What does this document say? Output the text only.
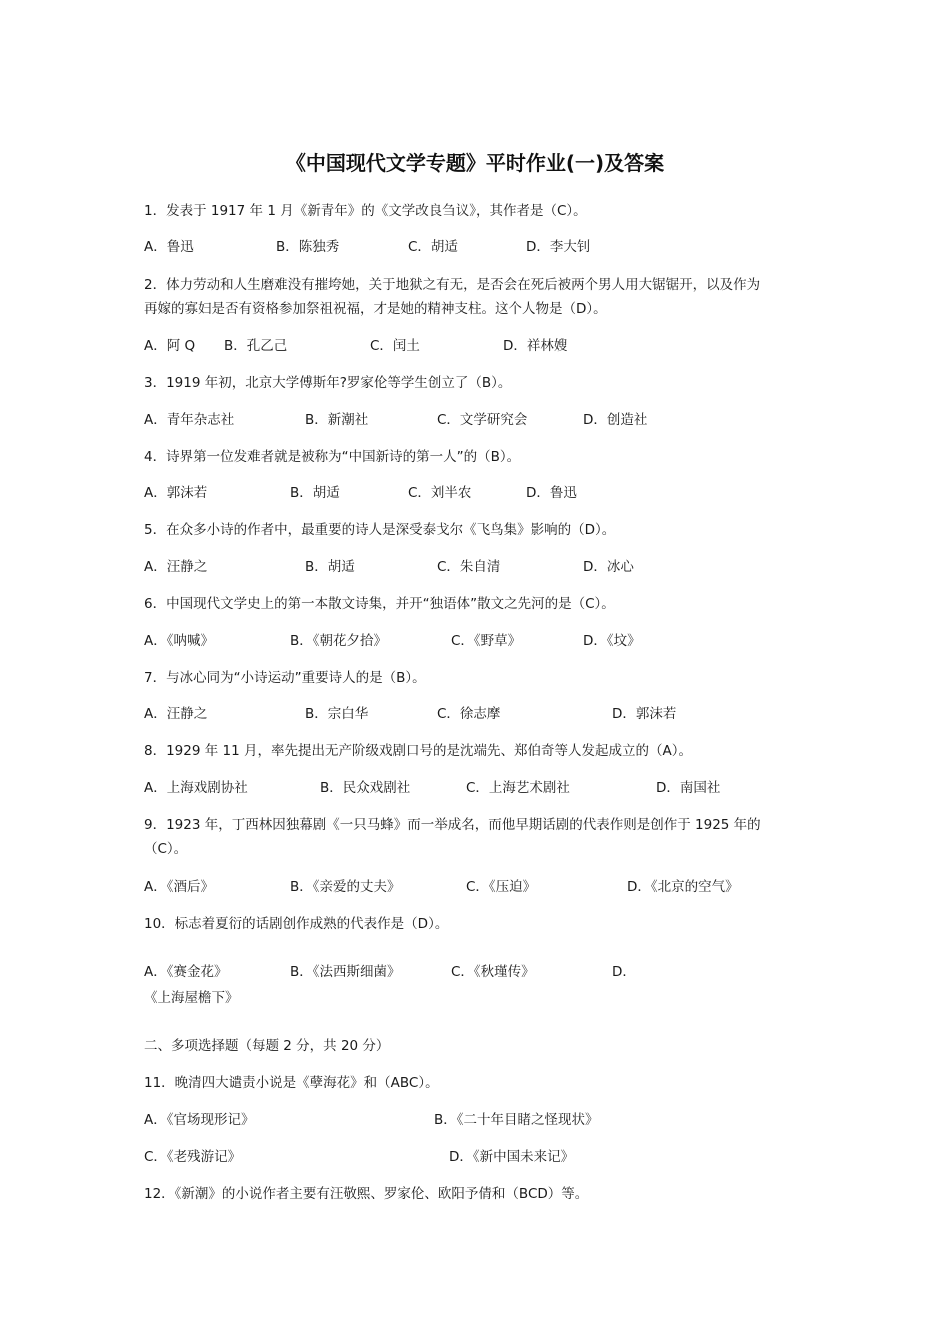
《中国现代文学专题》平时作业(一)及答案
1．发表于 1917 年 1 月《新青年》的《文学改良刍议》，其作者是（C）。
A．鲁迅	B．陈独秀	C．胡适	D．李大钊
2．体力劳动和人生磨难没有摧垮她，关于地狱之有无，是否会在死后被两个男人用大锯锯开，以及作为
再嫁的寡妇是否有资格参加祭祖祝福，才是她的精神支柱。这个人物是（D）。
A．阿 Q B．孔乙己	C．闰土	D．祥林嫂
3．1919 年初，北京大学傅斯年?罗家伦等学生创立了（B）。
A．青年杂志社	B．新潮社	C．文学研究会	D．创造社
4．诗界第一位发难者就是被称为“中国新诗的第一人”的（B）。
A．郭沫若	B．胡适	C．刘半农	D．鲁迅
5．在众多小诗的作者中，最重要的诗人是深受泰戈尔《飞鸟集》影响的（D）。
A．汪静之	B．胡适	C．朱自清	D．冰心
6．中国现代文学史上的第一本散文诗集，并开“独语体”散文之先河的是（C）。
A．《呐喊》	B．《朝花夕拾》	C．《野草》	D．《坟》
7．与冰心同为“小诗运动”重要诗人的是（B）。
A．汪静之	B．宗白华	C．徐志摩	D．郭沫若
8．1929 年 11 月，率先提出无产阶级戏剧口号的是沈端先、郑伯奇等人发起成立的（A）。
A．上海戏剧协社	B．民众戏剧社	C．上海艺术剧社	D．南国社
9．1923 年，丁西林因独幕剧《一只马蜂》而一举成名，而他早期话剧的代表作则是创作于 1925 年的
（C）。
A．《酒后》	B．《亲爱的丈夫》	C．《压迫》	D．《北京的空气》
10．标志着夏衍的话剧创作成熟的代表作是（D）。
A．《赛金花》	B．《法西斯细菌》	C．《秋瑾传》	D．
《上海屋檐下》
二、多项选择题（每题 2 分，共 20 分）
11．晚清四大谴责小说是《孽海花》和（ABC）。
A．《官场现形记》	B．《二十年目睹之怪现状》
C．《老残游记》	D．《新中国未来记》
12．《新潮》的小说作者主要有汪敬熙、罗家伦、欧阳予倩和（BCD）等。
